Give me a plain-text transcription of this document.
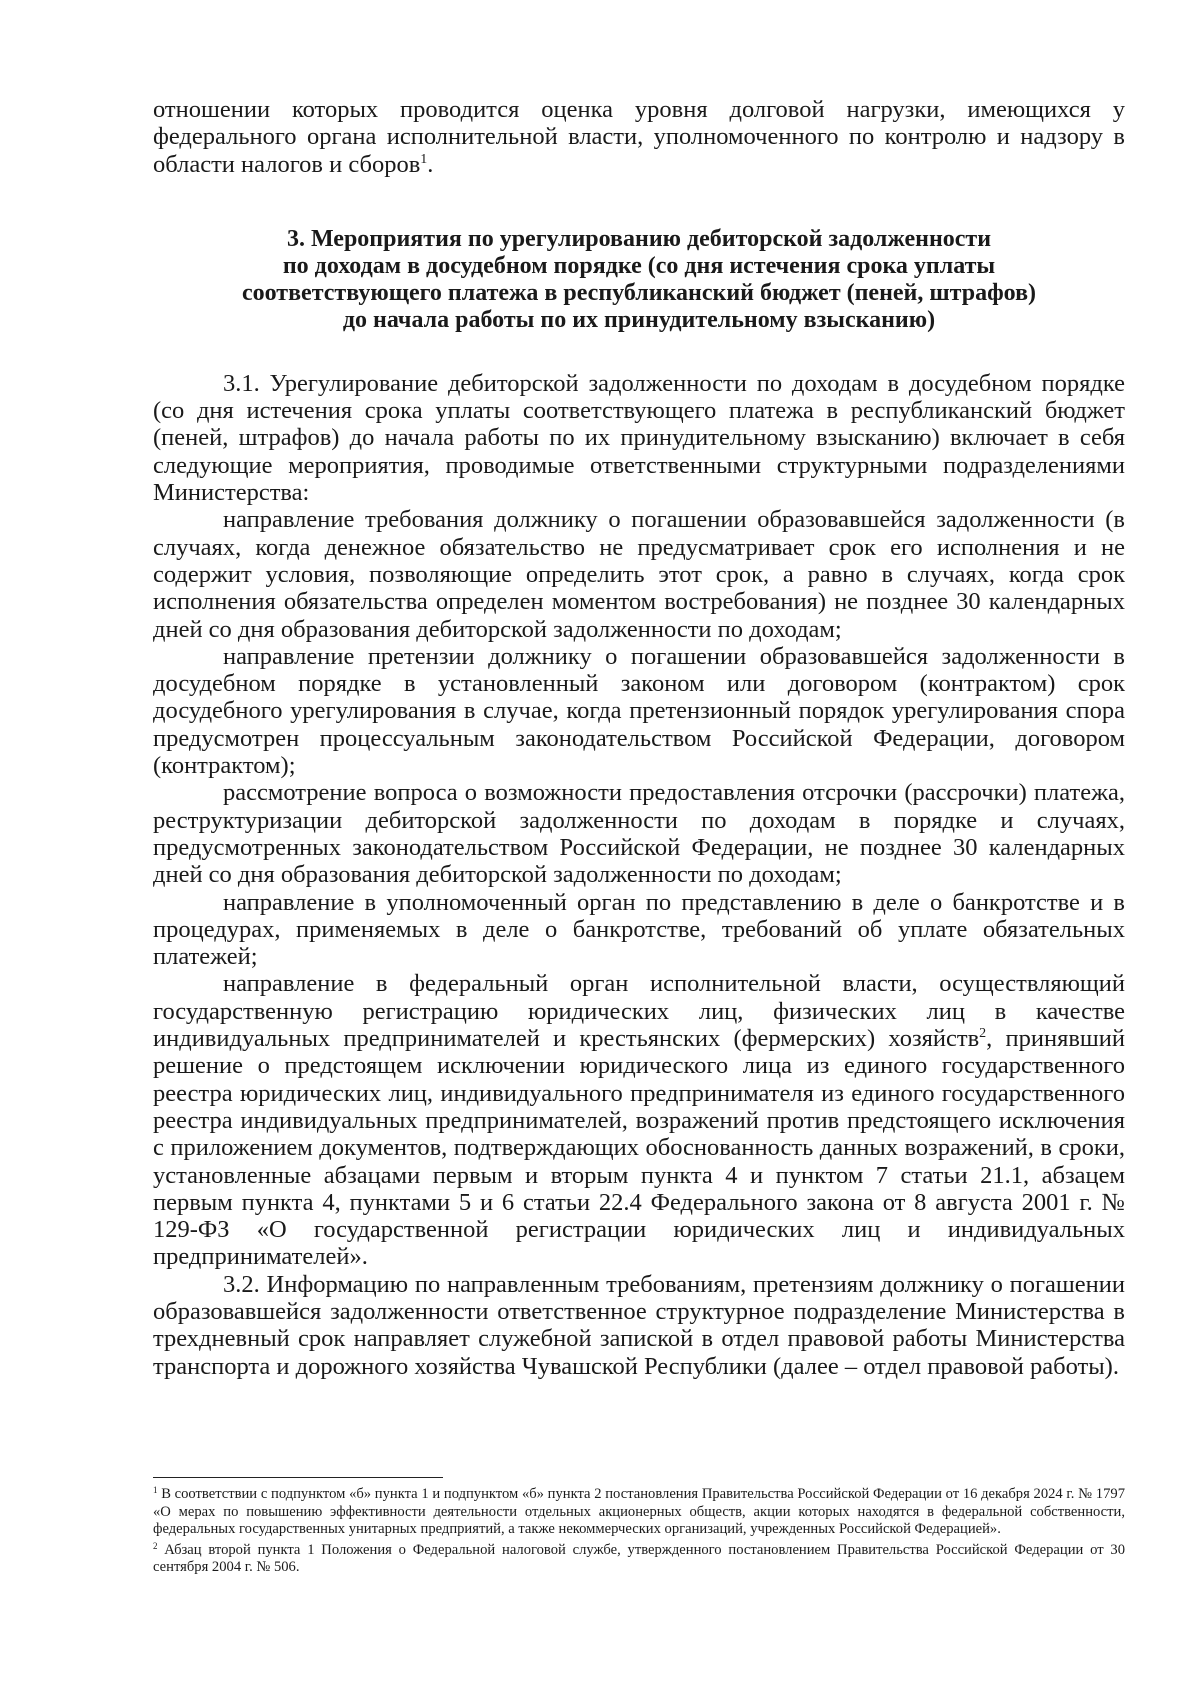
отношении которых проводится оценка уровня долговой нагрузки, имеющихся у федерального органа исполнительной власти, уполномоченного по контролю и надзору в области налогов и сборов$^1$.

3. Мероприятия по урегулированию дебиторской задолженности
по доходам в досудебном порядке (со дня истечения срока уплаты
соответствующего платежа в республиканский бюджет (пеней, штрафов)
до начала работы по их принудительному взысканию)

3.1. Урегулирование дебиторской задолженности по доходам в досудебном порядке (со дня истечения срока уплаты соответствующего платежа в республиканский бюджет (пеней, штрафов) до начала работы по их принудительному взысканию) включает в себя следующие мероприятия, проводимые ответственными структурными подразделениями Министерства:

направление требования должнику о погашении образовавшейся задолженности (в случаях, когда денежное обязательство не предусматривает срок его исполнения и не содержит условия, позволяющие определить этот срок, а равно в случаях, когда срок исполнения обязательства определен моментом востребования) не позднее 30 календарных дней со дня образования дебиторской задолженности по доходам;

направление претензии должнику о погашении образовавшейся задолженности в досудебном порядке в установленный законом или договором (контрактом) срок досудебного урегулирования в случае, когда претензионный порядок урегулирования спора предусмотрен процессуальным законодательством Российской Федерации, договором (контрактом);

рассмотрение вопроса о возможности предоставления отсрочки (рассрочки) платежа, реструктуризации дебиторской задолженности по доходам в порядке и случаях, предусмотренных законодательством Российской Федерации, не позднее 30 календарных дней со дня образования дебиторской задолженности по доходам;

направление в уполномоченный орган по представлению в деле о банкротстве и в процедурах, применяемых в деле о банкротстве, требований об уплате обязательных платежей;

направление в федеральный орган исполнительной власти, осуществляющий государственную регистрацию юридических лиц, физических лиц в качестве индивидуальных предпринимателей и крестьянских (фермерских) хозяйств$^2$, принявший решение о предстоящем исключении юридического лица из единого государственного реестра юридических лиц, индивидуального предпринимателя из единого государственного реестра индивидуальных предпринимателей, возражений против предстоящего исключения с приложением документов, подтверждающих обоснованность данных возражений, в сроки, установленные абзацами первым и вторым пункта 4 и пунктом 7 статьи 21.1, абзацем первым пункта 4, пунктами 5 и 6 статьи 22.4 Федерального закона от 8 августа 2001 г. № 129-ФЗ «О государственной регистрации юридических лиц и индивидуальных предпринимателей».

3.2. Информацию по направленным требованиям, претензиям должнику о погашении образовавшейся задолженности ответственное структурное подразделение Министерства в трехдневный срок направляет служебной запиской в отдел правовой работы Министерства транспорта и дорожного хозяйства Чувашской Республики (далее – отдел правовой работы).

$^1$ В соответствии с подпунктом «б» пункта 1 и подпунктом «б» пункта 2 постановления Правительства Российской Федерации от 16 декабря 2024 г. № 1797 «О мерах по повышению эффективности деятельности отдельных акционерных обществ, акции которых находятся в федеральной собственности, федеральных государственных унитарных предприятий, а также некоммерческих организаций, учрежденных Российской Федерацией».

$^2$ Абзац второй пункта 1 Положения о Федеральной налоговой службе, утвержденного постановлением Правительства Российской Федерации от 30 сентября 2004 г. № 506.
